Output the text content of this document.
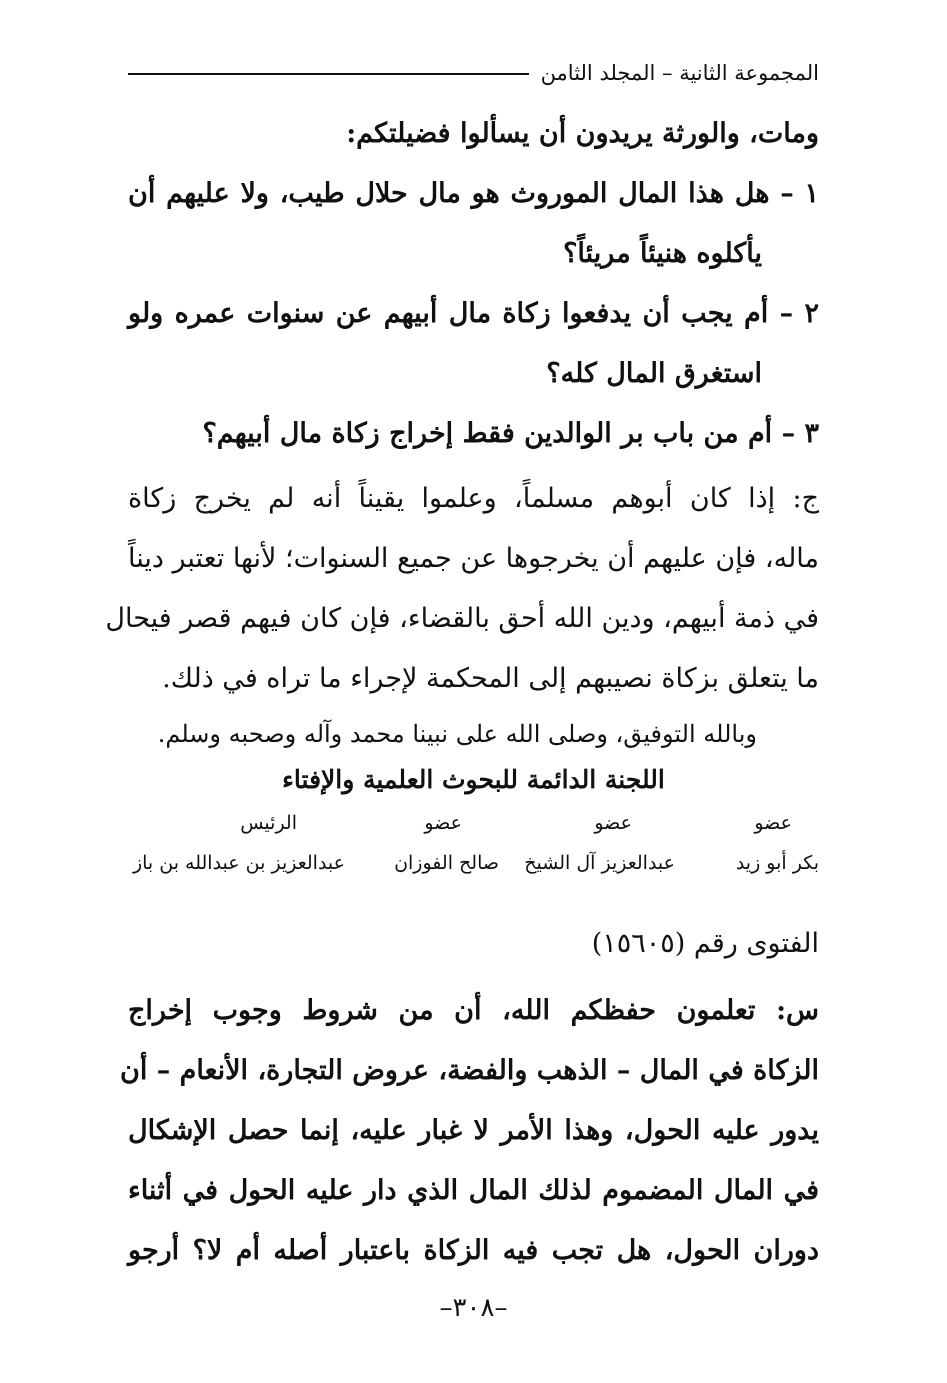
المجموعة الثانية – المجلد الثامن
ومات، والورثة يريدون أن يسألوا فضيلتكم:
١ – هل هذا المال الموروث هو مال حلال طيب، ولا عليهم أن
يأكلوه هنيئاً مريئاً؟
٢ – أم يجب أن يدفعوا زكاة مال أبيهم عن سنوات عمره ولو
استغرق المال كله؟
٣ – أم من باب بر الوالدين فقط إخراج زكاة مال أبيهم؟
ج: إذا كان أبوهم مسلماً، وعلموا يقيناً أنه لم يخرج زكاة
ماله، فإن عليهم أن يخرجوها عن جميع السنوات؛ لأنها تعتبر ديناً
في ذمة أبيهم، ودين الله أحق بالقضاء، فإن كان فيهم قصر فيحال
ما يتعلق بزكاة نصيبهم إلى المحكمة لإجراء ما تراه في ذلك.
وبالله التوفيق، وصلى الله على نبينا محمد وآله وصحبه وسلم.
اللجنة الدائمة للبحوث العلمية والإفتاء
عضو
عضو
عضو
الرئيس
بكر أبو زيد
عبدالعزيز آل الشيخ
صالح الفوزان
عبدالعزيز بن عبدالله بن باز
الفتوى رقم (١٥٦٠٥)
س: تعلمون حفظكم الله، أن من شروط وجوب إخراج
الزكاة في المال – الذهب والفضة، عروض التجارة، الأنعام – أن
يدور عليه الحول، وهذا الأمر لا غبار عليه، إنما حصل الإشكال
في المال المضموم لذلك المال الذي دار عليه الحول في أثناء
دوران الحول، هل تجب فيه الزكاة باعتبار أصله أم لا؟ أرجو
–٣٠٨–
